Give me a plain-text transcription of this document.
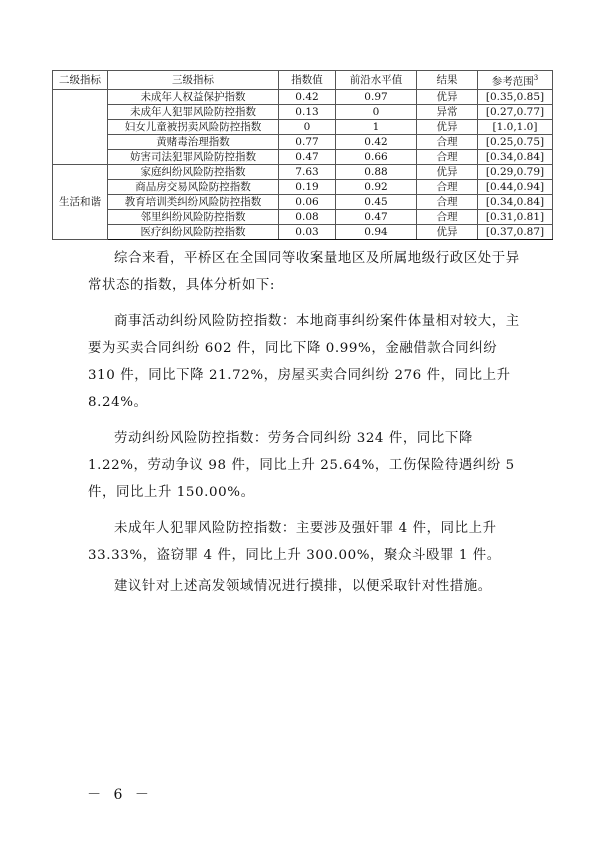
二级指标	三级指标	指数值	前沿水平值	结果	参考范围$^3$
	未成年人权益保护指数	0.42	0.97	优异	[0.35,0.85]
	未成年人犯罪风险防控指数	0.13	0	异常	[0.27,0.77]
	妇女儿童被拐卖风险防控指数	0	1	优异	[1.0,1.0]
	黄赌毒治理指数	0.77	0.42	合理	[0.25,0.75]
	妨害司法犯罪风险防控指数	0.47	0.66	合理	[0.34,0.84]
生活和谐	家庭纠纷风险防控指数	7.63	0.88	优异	[0.29,0.79]
	商品房交易风险防控指数	0.19	0.92	合理	[0.44,0.94]
	教育培训类纠纷风险防控指数	0.06	0.45	合理	[0.34,0.84]
	邻里纠纷风险防控指数	0.08	0.47	合理	[0.31,0.81]
	医疗纠纷风险防控指数	0.03	0.94	优异	[0.37,0.87]

综合来看，平桥区在全国同等收案量地区及所属地级行政区处于异常状态的指数，具体分析如下:

商事活动纠纷风险防控指数：本地商事纠纷案件体量相对较大，主要为买卖合同纠纷 602 件，同比下降 0.99%，金融借款合同纠纷 310 件，同比下降 21.72%，房屋买卖合同纠纷 276 件，同比上升 8.24%。

劳动纠纷风险防控指数：劳务合同纠纷 324 件，同比下降 1.22%，劳动争议 98 件，同比上升 25.64%，工伤保险待遇纠纷 5 件，同比上升 150.00%。

未成年人犯罪风险防控指数：主要涉及强奸罪 4 件，同比上升 33.33%，盗窃罪 4 件，同比上升 300.00%，聚众斗殴罪 1 件。

建议针对上述高发领域情况进行摸排，以便采取针对性措施。

－ 6 －
